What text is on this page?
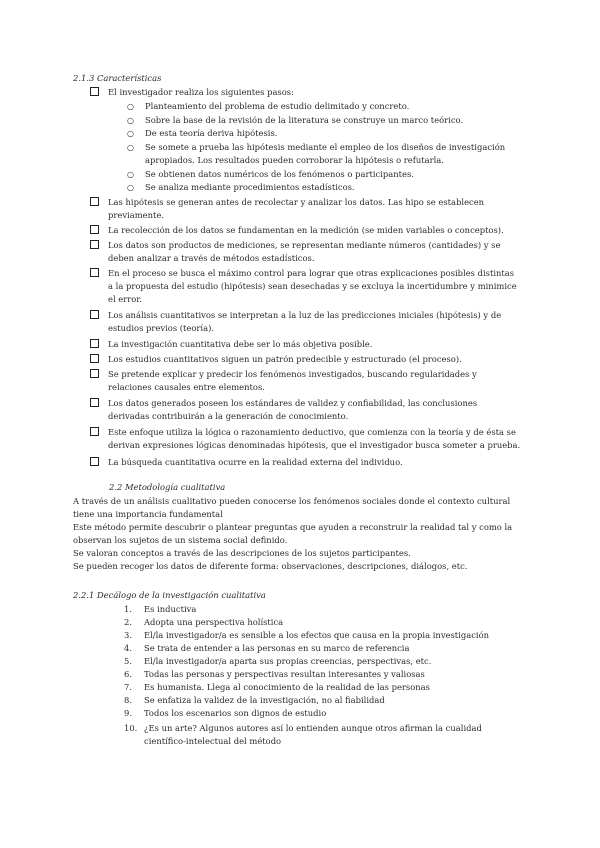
2.1.3 Características
El investigador realiza los siguientes pasos:
○ Planteamiento del problema de estudio delimitado y concreto.
○ Sobre la base de la revisión de la literatura se construye un marco teórico.
○ De esta teoría deriva hipótesis.
○ Se somete a prueba las hipótesis mediante el empleo de los diseños de investigación
apropiados. Los resultados pueden corroborar la hipótesis o refutarla.
○ Se obtienen datos numéricos de los fenómenos o participantes.
○ Se analiza mediante procedimientos estadísticos.
Las hipótesis se generan antes de recolectar y analizar los datos. Las hipo se establecen
previamente.
La recolección de los datos se fundamentan en la medición (se miden variables o conceptos).
Los datos son productos de mediciones, se representan mediante números (cantidades) y se
deben analizar a través de métodos estadísticos.
En el proceso se busca el máximo control para lograr que otras explicaciones posibles distintas
a la propuesta del estudio (hipótesis) sean desechadas y se excluya la incertidumbre y minimice
el error.
Los análisis cuantitativos se interpretan a la luz de las predicciones iniciales (hipótesis) y de
estudios previos (teoría).
La investigación cuantitativa debe ser lo más objetiva posible.
Los estudios cuantitativos siguen un patrón predecible y estructurado (el proceso).
Se pretende explicar y predecir los fenómenos investigados, buscando regularidades y
relaciones causales entre elementos.
Los datos generados poseen los estándares de validez y confiabilidad, las conclusiones
derivadas contribuirán a la generación de conocimiento.
Este enfoque utiliza la lógica o razonamiento deductivo, que comienza con la teoría y de ésta se
derivan expresiones lógicas denominadas hipótesis, que el investigador busca someter a prueba.
La búsqueda cuantitativa ocurre en la realidad externa del individuo.
2.2 Metodología cualitativa
A través de un análisis cualitativo pueden conocerse los fenómenos sociales donde el contexto cultural
tiene una importancia fundamental
Este método permite descubrir o plantear preguntas que ayuden a reconstruir la realidad tal y como la
observan los sujetos de un sistema social definido.
Se valoran conceptos a través de las descripciones de los sujetos participantes.
Se pueden recoger los datos de diferente forma: observaciones, descripciones, diálogos, etc.
2.2.1 Decálogo de la investigación cualitativa
1.	Es inductiva
2.	Adopta una perspectiva holística
3.	El/la investigador/a es sensible a los efectos que causa en la propia investigación
4.	Se trata de entender a las personas en su marco de referencia
5.	El/la investigador/a aparta sus propias creencias, perspectivas, etc.
6.	Todas las personas y perspectivas resultan interesantes y valiosas
7.	Es humanista. Llega al conocimiento de la realidad de las personas
8.	Se enfatiza la validez de la investigación, no al fiabilidad
9.	Todos los escenarios son dignos de estudio
10. ¿Es un arte? Algunos autores así lo entienden aunque otros afirman la cualidad
científico-intelectual del método
